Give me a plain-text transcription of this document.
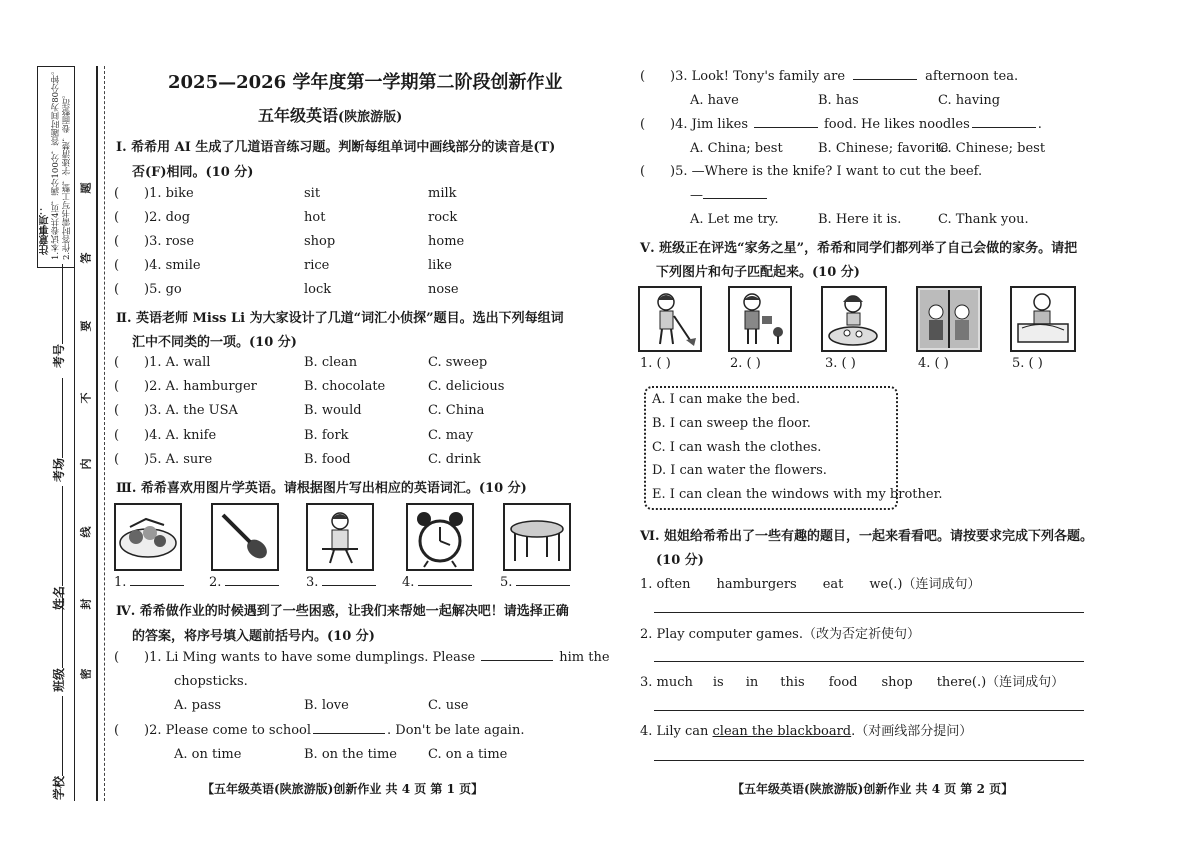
注意事项： 1.本试卷共4页，满分100分，答题时间为80分钟。 2.作答时需书写工整，字迹清楚，卷面整洁。
学校
班级
姓名
考场
考号
密
封
线
内
不
要
答
题
2025—2026 学年度第一学期第二阶段创新作业
五年级英语(陕旅游版)
Ⅰ. 希希用 AI 生成了几道语音练习题。判断每组单词中画线部分的读音是(T)
否(F)相同。(10 分)
( )1. bike	sit	milk
( )2. dog	hot	rock
( )3. rose	shop	home
( )4. smile	rice	like
( )5. go	lock	nose
Ⅱ. 英语老师 Miss Li 为大家设计了几道“词汇小侦探”题目。选出下列每组词
汇中不同类的一项。(10 分)
( )1. A. wall	B. clean	C. sweep
( )2. A. hamburger	B. chocolate	C. delicious
( )3. A. the USA	B. would	C. China
( )4. A. knife	B. fork	C. may
( )5. A. sure	B. food	C. drink
Ⅲ. 希希喜欢用图片学英语。请根据图片写出相应的英语词汇。(10 分)
1.	2.	3.	4.	5.
Ⅳ. 希希做作业的时候遇到了一些困惑，让我们来帮她一起解决吧！请选择正确
的答案，将序号填入题前括号内。(10 分)
( )1. Li Ming wants to have some dumplings. Please	him the
chopsticks.
A. pass	B. love	C. use
( )2. Please come to school	. Don't be late again.
A. on time	B. on the time C. on a time
【五年级英语(陕旅游版)创新作业 共 4 页 第 1 页】
( )3. Look! Tony's family are	afternoon tea.
A. have	B. has	C. having
( )4. Jim likes	food. He likes noodles	.
A. China; best	B. Chinese; favorite
C. Chinese; best
( )5. —Where is the knife? I want to cut the beef.
—
A. Let me try.	B. Here it is.	C. Thank you.
Ⅴ. 班级正在评选“家务之星”，希希和同学们都列举了自己会做的家务。请把
下列图片和句子匹配起来。(10 分)
1. ( )	2. ( )	3. ( )	4. ( )	5. ( )
A. I can make the bed.
B. I can sweep the floor.
C. I can wash the clothes.
D. I can water the flowers.
E. I can clean the windows with my brother.
Ⅵ. 姐姐给希希出了一些有趣的题目，一起来看看吧。请按要求完成下列各题。
(10 分)
1. often hamburgers eat we(.)（连词成句）
2. Play computer games.（改为否定祈使句）
3. much is in this food shop there(.)（连词成句）
4. Lily can clean the blackboard.（对画线部分提问）
【五年级英语(陕旅游版)创新作业 共 4 页 第 2 页】
